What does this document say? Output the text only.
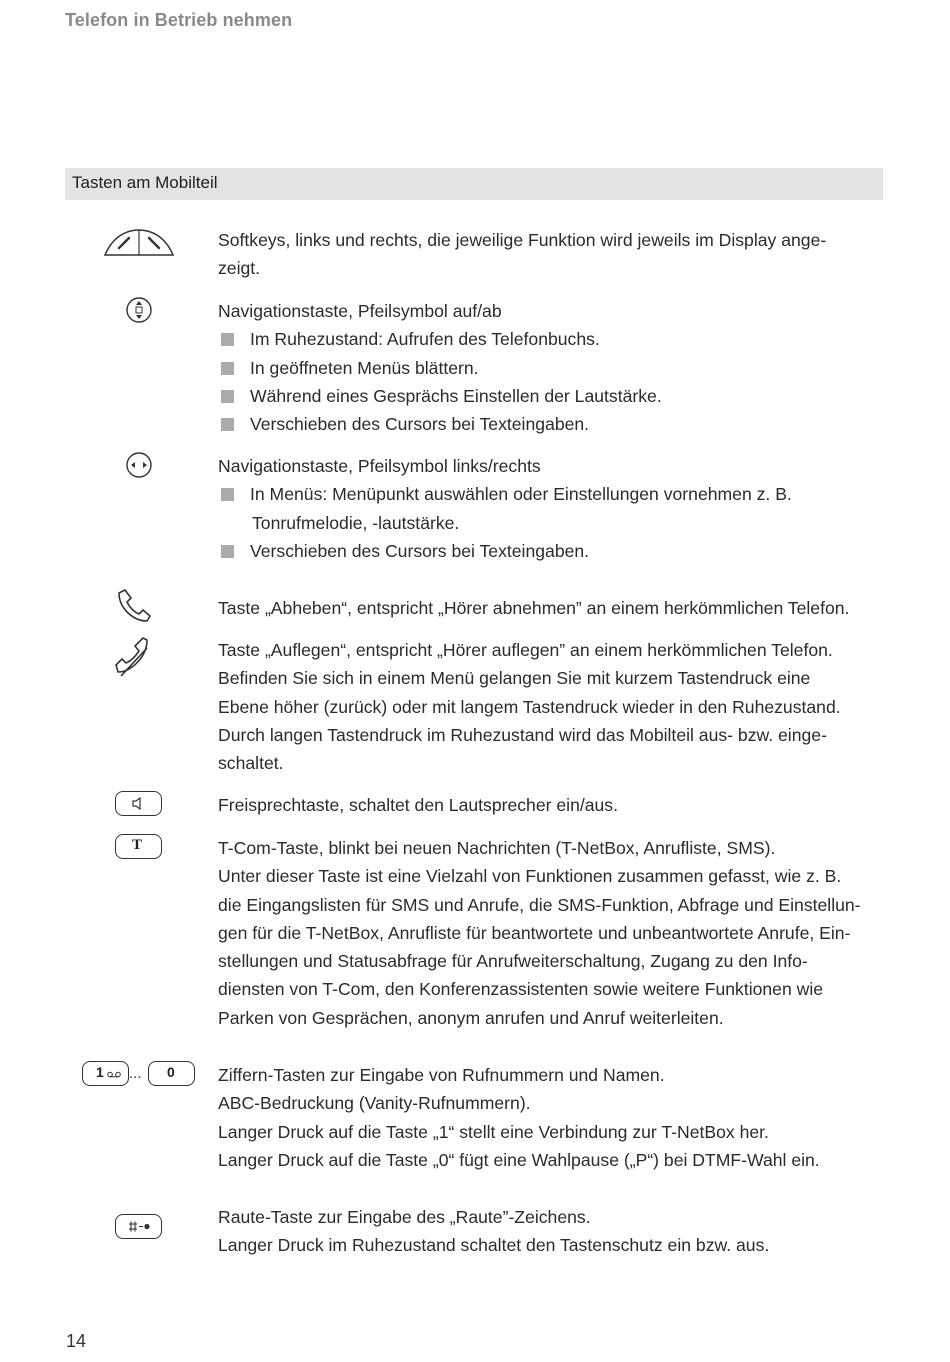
Telefon in Betrieb nehmen
Tasten am Mobilteil
Softkeys, links und rechts, die jeweilige Funktion wird jeweils im Display ange-
zeigt.
Navigationstaste, Pfeilsymbol auf/ab
Im Ruhezustand: Aufrufen des Telefonbuchs.
In geöffneten Menüs blättern.
Während eines Gesprächs Einstellen der Lautstärke.
Verschieben des Cursors bei Texteingaben.
Navigationstaste, Pfeilsymbol links/rechts
In Menüs: Menüpunkt auswählen oder Einstellungen vornehmen z. B.
Tonrufmelodie, -lautstärke.
Verschieben des Cursors bei Texteingaben.
Taste „Abheben“, entspricht „Hörer abnehmen” an einem herkömmlichen Telefon.
Taste „Auflegen“, entspricht „Hörer auflegen” an einem herkömmlichen Telefon.
Befinden Sie sich in einem Menü gelangen Sie mit kurzem Tastendruck eine
Ebene höher (zurück) oder mit langem Tastendruck wieder in den Ruhezustand.
Durch langen Tastendruck im Ruhezustand wird das Mobilteil aus- bzw. einge-
schaltet.
Freisprechtaste, schaltet den Lautsprecher ein/aus.
T	T-Com-Taste, blinkt bei neuen Nachrichten (T-NetBox, Anrufliste, SMS).
Unter dieser Taste ist eine Vielzahl von Funktionen zusammen gefasst, wie z. B.
die Eingangslisten für SMS und Anrufe, die SMS-Funktion, Abfrage und Einstellun-
gen für die T-NetBox, Anrufliste für beantwortete und unbeantwortete Anrufe, Ein-
stellungen und Statusabfrage für Anrufweiterschaltung, Zugang zu den Info-
diensten von T-Com, den Konferenzassistenten sowie weitere Funktionen wie
Parken von Gesprächen, anonym anrufen und Anruf weiterleiten.
1 ... 0 Ziffern-Tasten zur Eingabe von Rufnummern und Namen.
ABC-Bedruckung (Vanity-Rufnummern).
Langer Druck auf die Taste „1“ stellt eine Verbindung zur T-NetBox her.
Langer Druck auf die Taste „0“ fügt eine Wahlpause („P“) bei DTMF-Wahl ein.
Raute-Taste zur Eingabe des „Raute”-Zeichens.
Langer Druck im Ruhezustand schaltet den Tastenschutz ein bzw. aus.
14
